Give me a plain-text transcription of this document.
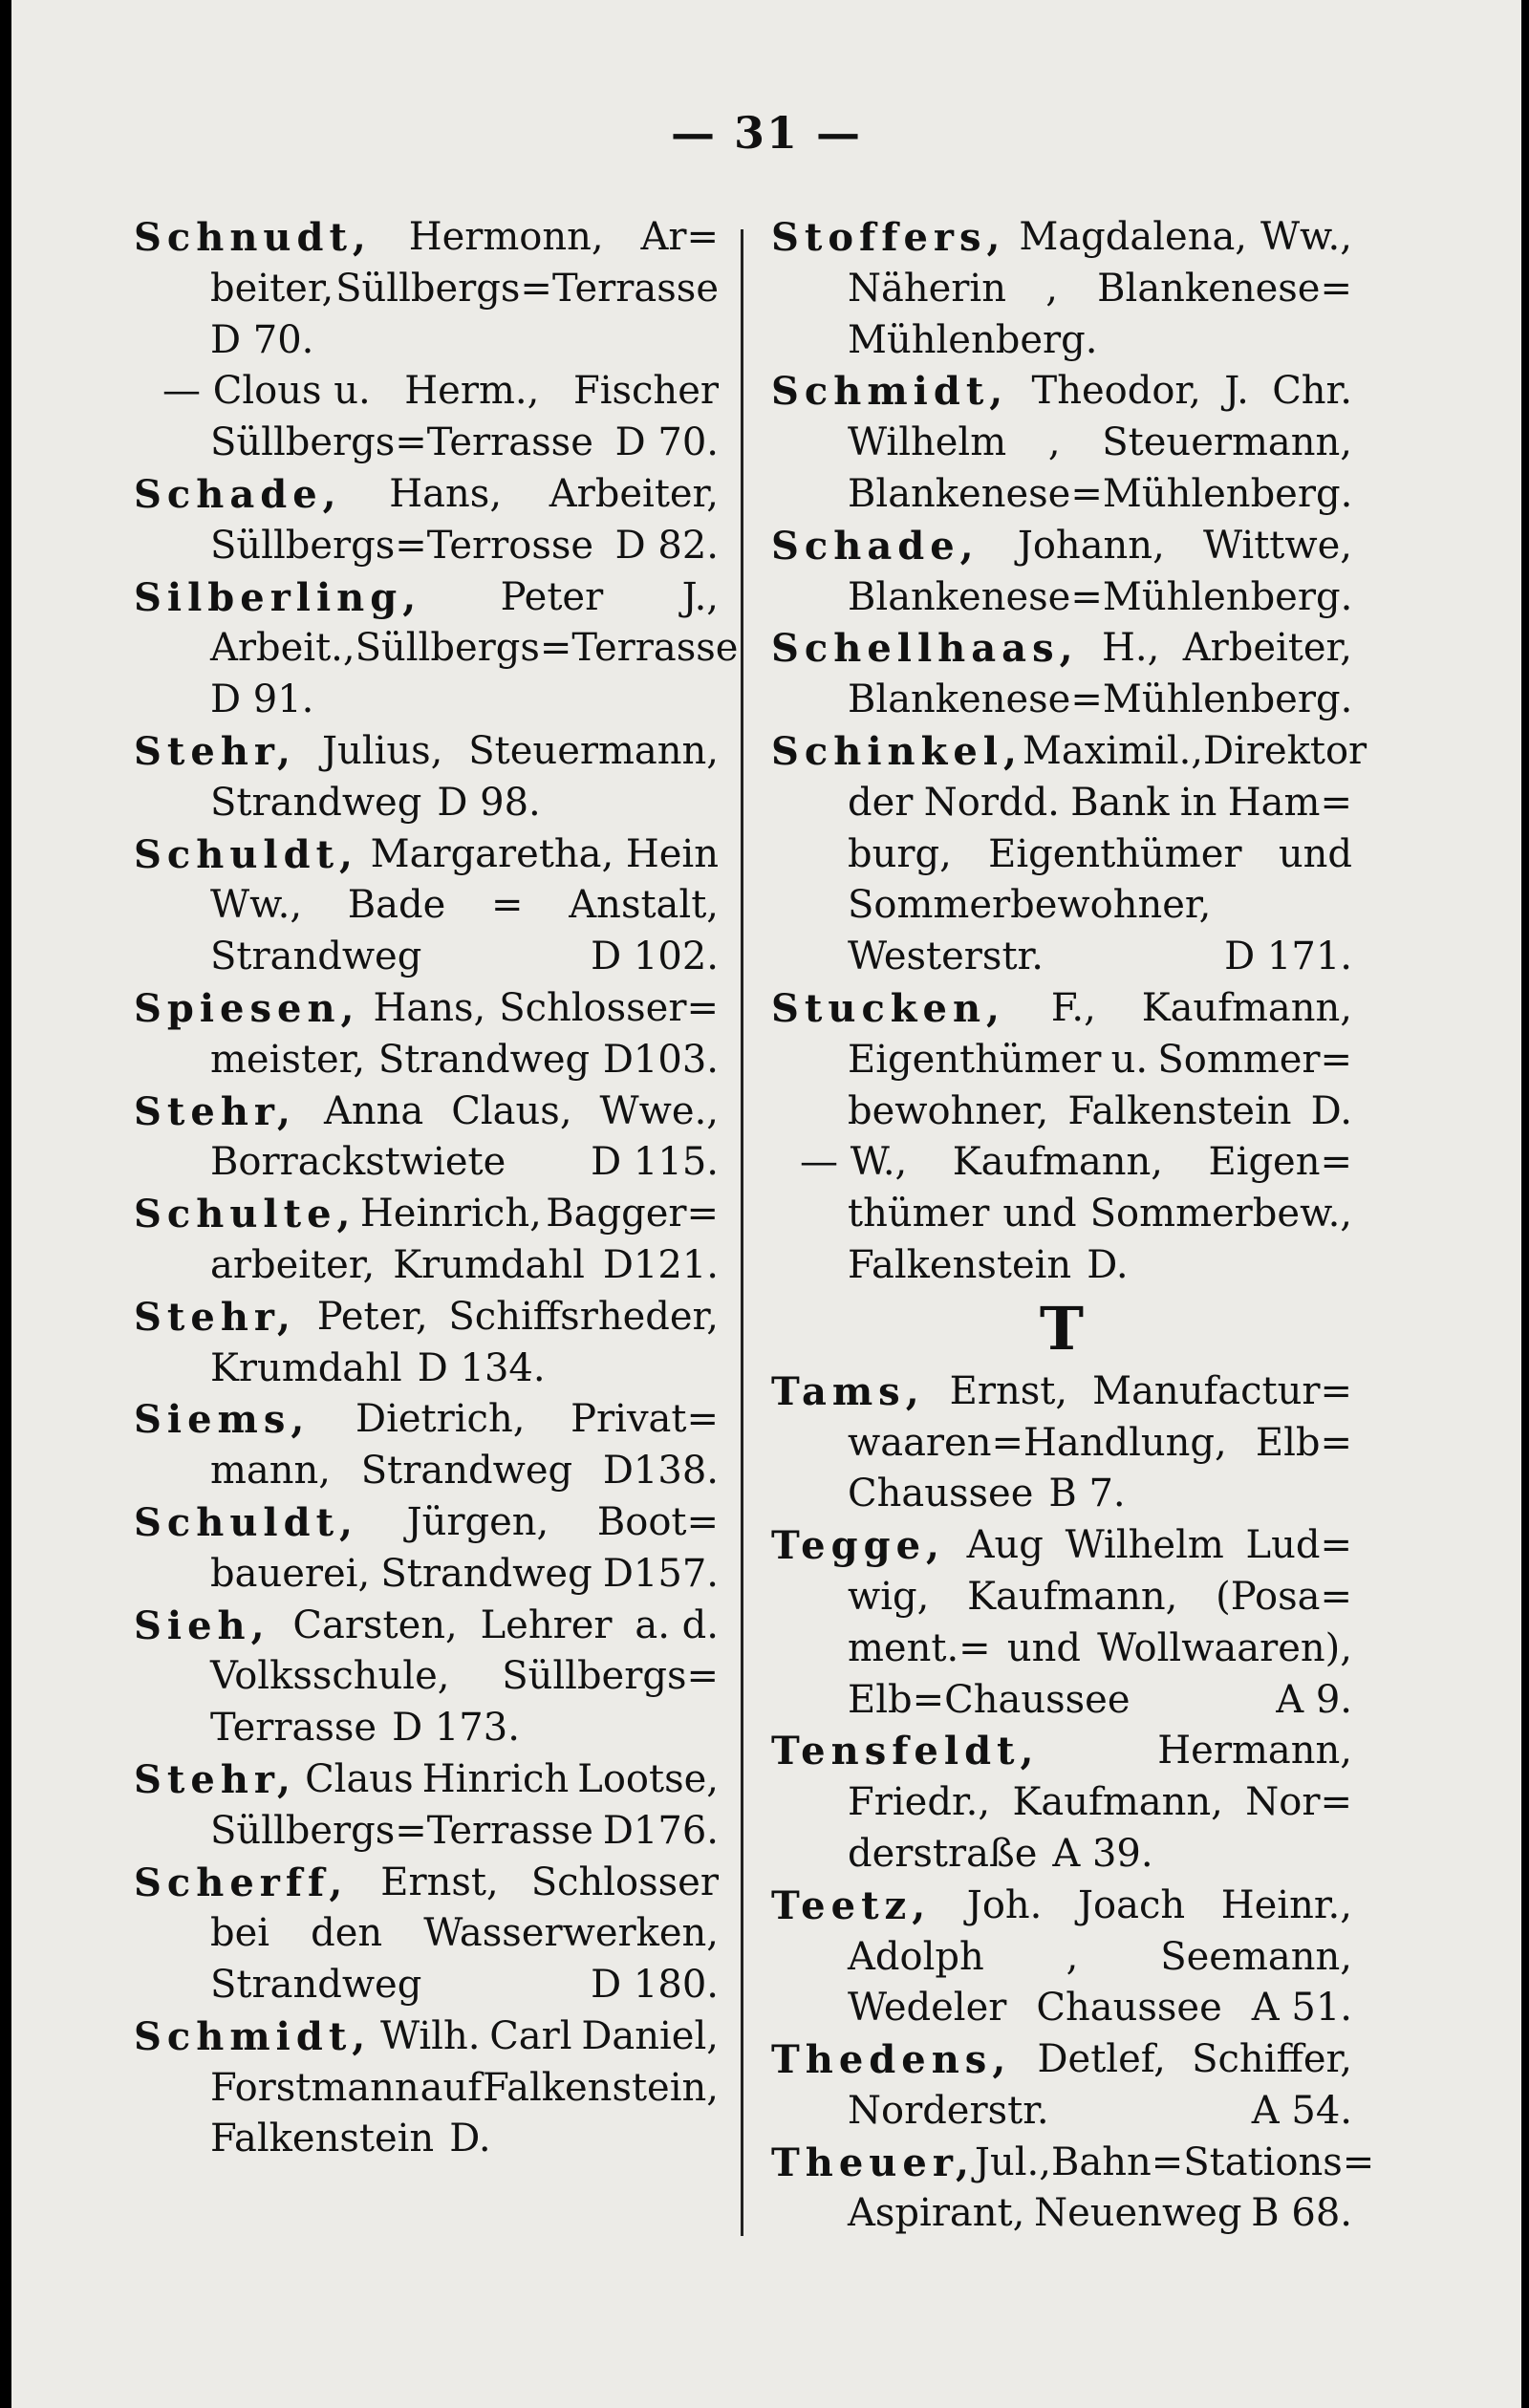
— 31 —
Schnudt, Hermonn, Ar=
beiter, Süllbergs=Terrasse
D 70.
— Clous u. Herm., Fischer
Süllbergs=Terrasse D 70.
Schade, Hans, Arbeiter,
Süllbergs=Terrosse D 82.
Silberling, Peter J.,
Arbeit., Süllbergs=Terrasse
D 91.
Stehr, Julius, Steuermann,
Strandweg D 98.
Schuldt, Margaretha, Hein
Ww., Bade = Anstalt,
Strandweg	D 102.
Spiesen, Hans, Schlosser=
meister, Strandweg D103.
Stehr, Anna Claus, Wwe.,
Borrackstwiete D 115.
Schulte, Heinrich, Bagger=
arbeiter, Krumdahl D121.
Stehr, Peter, Schiffsrheder,
Krumdahl D 134.
Siems, Dietrich, Privat=
mann, Strandweg D138.
Schuldt, Jürgen, Boot=
bauerei, Strandweg D157.
Sieh, Carsten, Lehrer a. d.
Volksschule, Süllbergs=
Terrasse D 173.
Stehr, Claus Hinrich Lootse,
Süllbergs=Terrasse D176.
Scherff, Ernst, Schlosser
bei den Wasserwerken,
Strandweg	D 180.
Schmidt, Wilh. Carl Daniel,
Forstmann auf Falkenstein,
Falkenstein D.
Stoffers, Magdalena, Ww.,
Näherin , Blankenese=
Mühlenberg.
Schmidt, Theodor, J. Chr.
Wilhelm , Steuermann,
Blankenese=Mühlenberg.
Schade, Johann, Wittwe,
Blankenese=Mühlenberg.
Schellhaas, H., Arbeiter,
Blankenese=Mühlenberg.
Schinkel, Maximil., Direktor
der Nordd. Bank in Ham=
burg, Eigenthümer und
Sommerbewohner,
Westerstr.	D 171.
Stucken, F., Kaufmann,
Eigenthümer u. Sommer=
bewohner, Falkenstein D.
— W., Kaufmann, Eigen=
thümer und Sommerbew.,
Falkenstein D.
T
Tams, Ernst, Manufactur=
waaren=Handlung, Elb=
Chaussee B 7.
Tegge, Aug Wilhelm Lud=
wig, Kaufmann, (Posa=
ment.= und Wollwaaren),
Elb=Chaussee	A 9.
Tensfeldt,	Hermann,
Friedr., Kaufmann, Nor=
derstraße A 39.
Teetz, Joh. Joach Heinr.,
Adolph , Seemann,
Wedeler Chaussee A 51.
Thedens, Detlef, Schiffer,
Norderstr.	A 54.
Theuer, Jul., Bahn=Stations=
Aspirant, Neuenweg B 68.
